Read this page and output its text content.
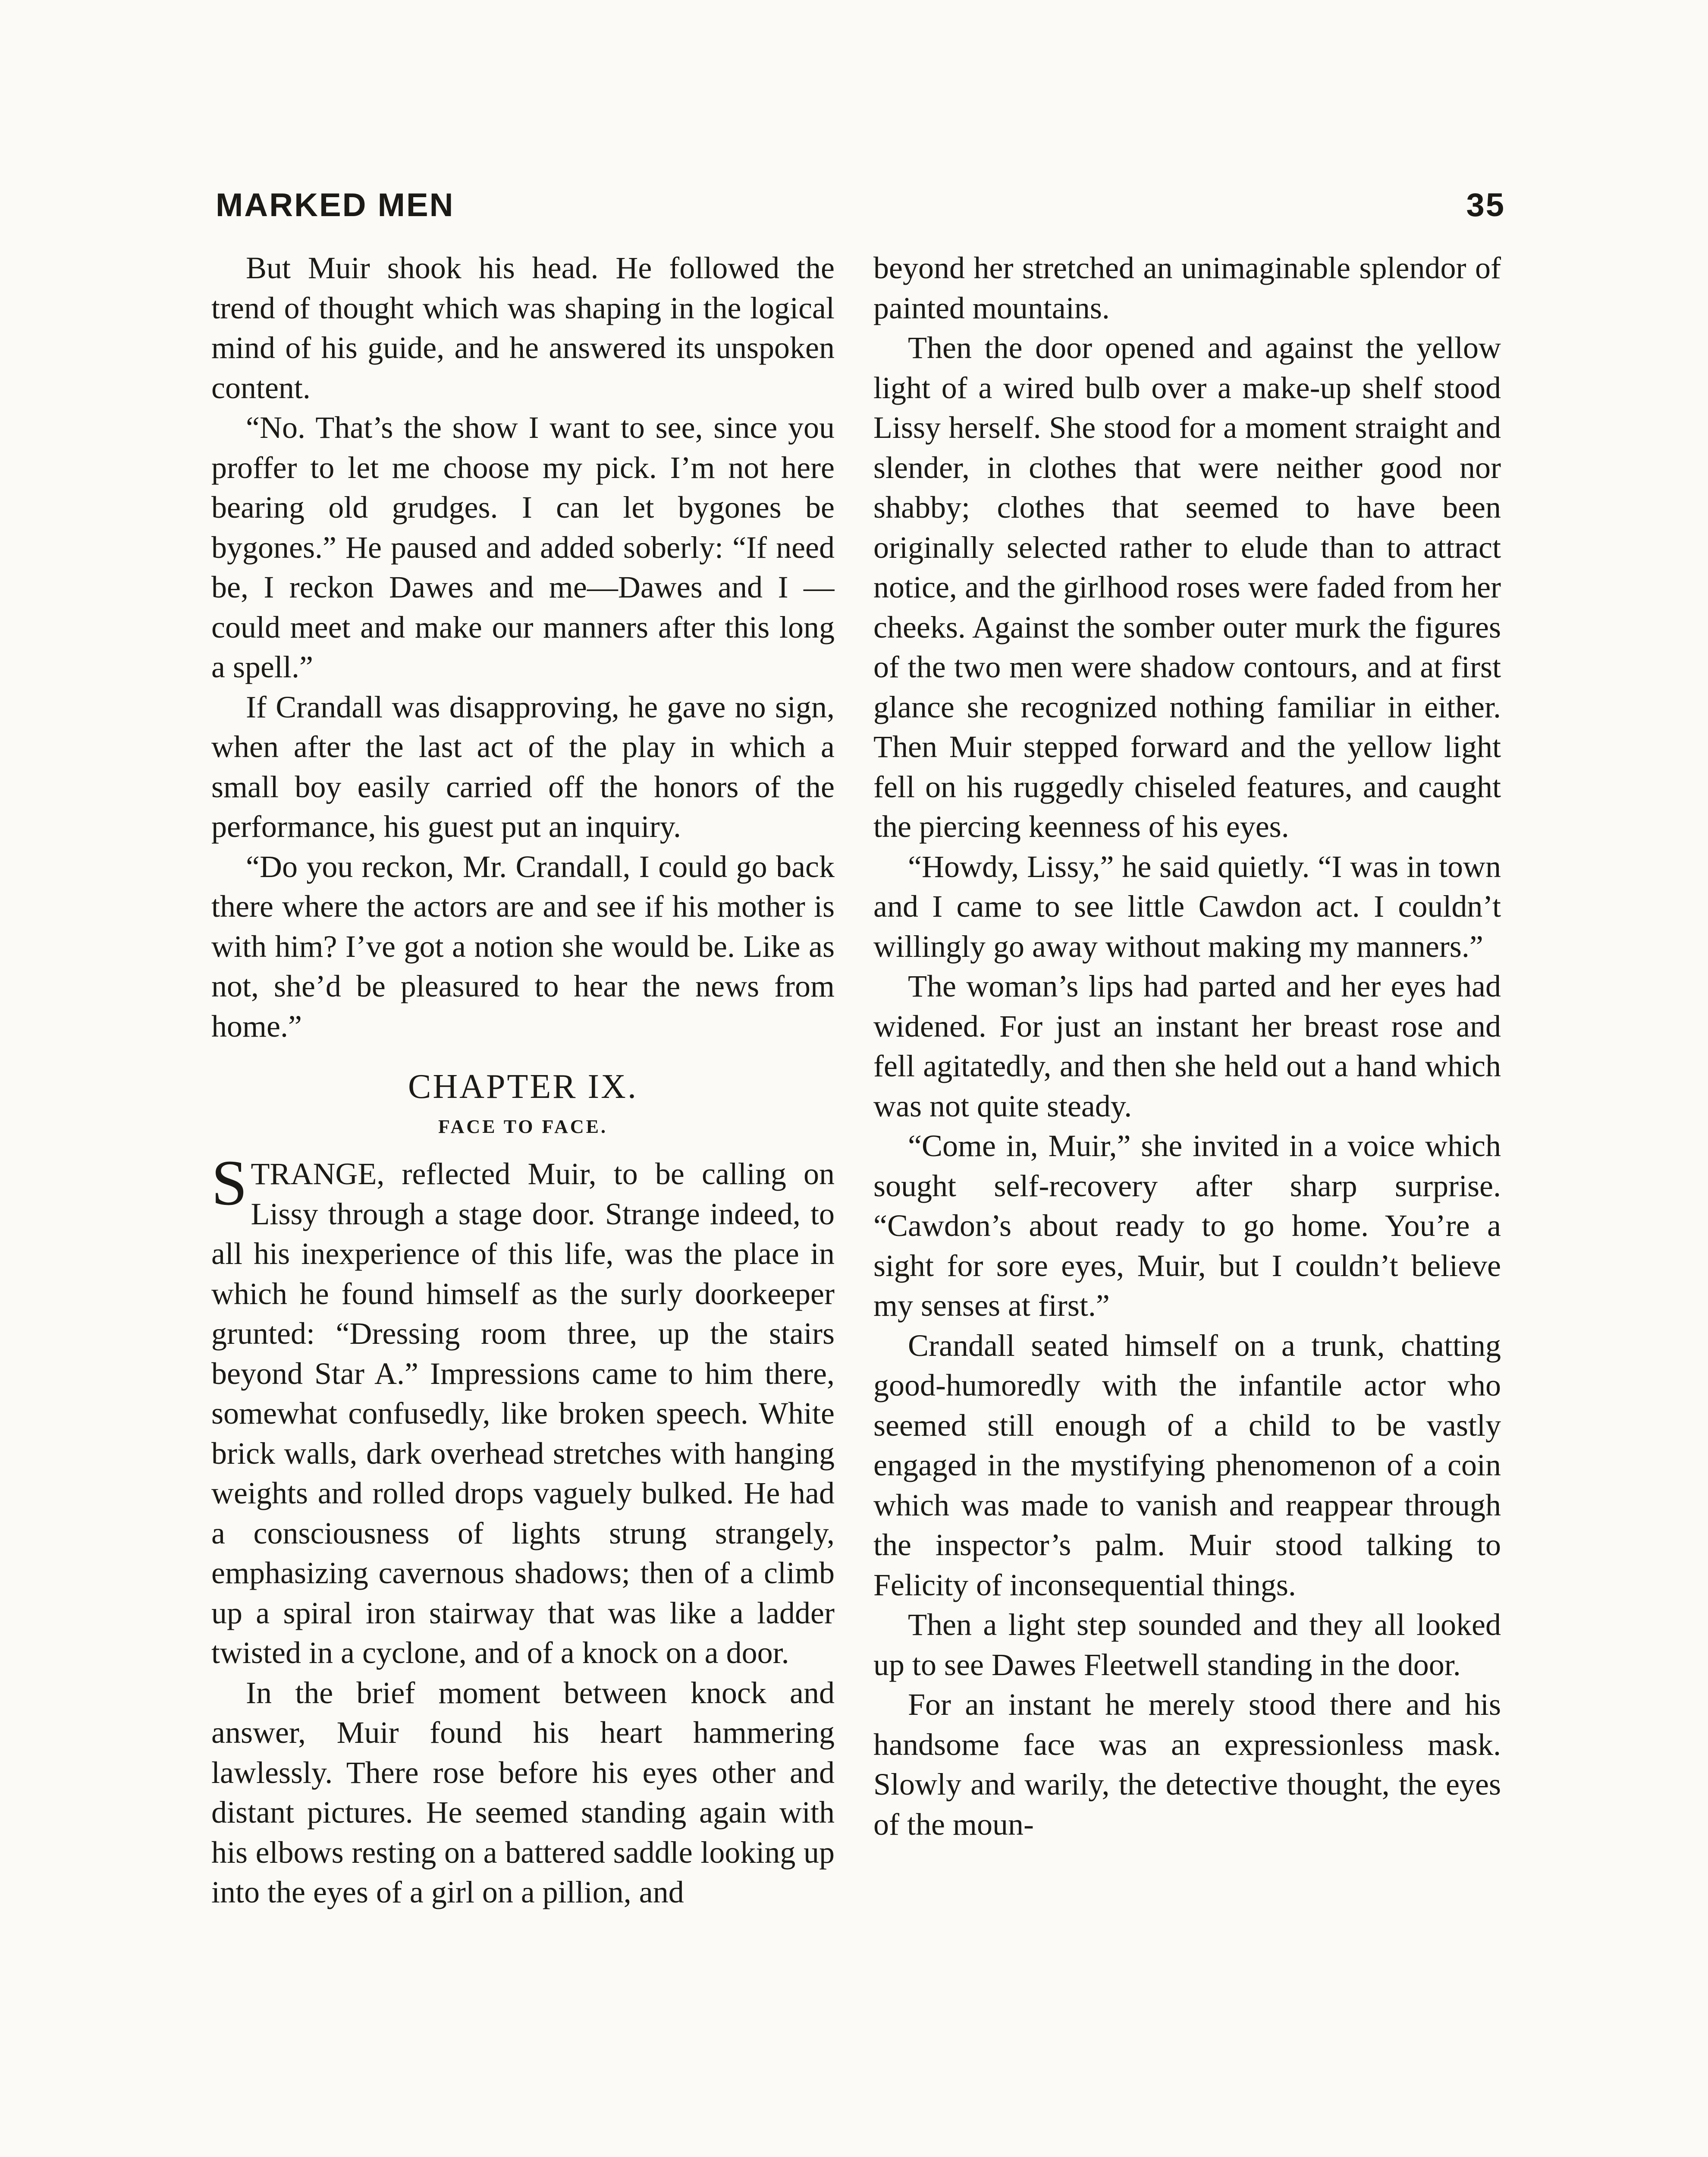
MARKED MEN	35

But Muir shook his head. He followed the trend of thought which was shaping in the logical mind of his guide, and he answered its unspoken content.

“No. That’s the show I want to see, since you proffer to let me choose my pick. I’m not here bearing old grudges. I can let bygones be bygones.” He paused and added soberly: “If need be, I reckon Dawes and me—Dawes and I —could meet and make our manners after this long a spell.”

If Crandall was disapproving, he gave no sign, when after the last act of the play in which a small boy easily carried off the honors of the performance, his guest put an inquiry.

“Do you reckon, Mr. Crandall, I could go back there where the actors are and see if his mother is with him? I’ve got a notion she would be. Like as not, she’d be pleasured to hear the news from home.”

CHAPTER IX.
FACE TO FACE.

STRANGE, reflected Muir, to be calling on Lissy through a stage door. Strange indeed, to all his inexperience of this life, was the place in which he found himself as the surly doorkeeper grunted: “Dressing room three, up the stairs beyond Star A.” Impressions came to him there, somewhat confusedly, like broken speech. White brick walls, dark overhead stretches with hanging weights and rolled drops vaguely bulked. He had a consciousness of lights strung strangely, emphasizing cavernous shadows; then of a climb up a spiral iron stairway that was like a ladder twisted in a cyclone, and of a knock on a door.

In the brief moment between knock and answer, Muir found his heart hammering lawlessly. There rose before his eyes other and distant pictures. He seemed standing again with his elbows resting on a battered saddle looking up into the eyes of a girl on a pillion, and

beyond her stretched an unimaginable splendor of painted mountains.

Then the door opened and against the yellow light of a wired bulb over a make-up shelf stood Lissy herself. She stood for a moment straight and slender, in clothes that were neither good nor shabby; clothes that seemed to have been originally selected rather to elude than to attract notice, and the girlhood roses were faded from her cheeks. Against the somber outer murk the figures of the two men were shadow contours, and at first glance she recognized nothing familiar in either. Then Muir stepped forward and the yellow light fell on his ruggedly chiseled features, and caught the piercing keenness of his eyes.

“Howdy, Lissy,” he said quietly. “I was in town and I came to see little Cawdon act. I couldn’t willingly go away without making my manners.”

The woman’s lips had parted and her eyes had widened. For just an instant her breast rose and fell agitatedly, and then she held out a hand which was not quite steady.

“Come in, Muir,” she invited in a voice which sought self-recovery after sharp surprise. “Cawdon’s about ready to go home. You’re a sight for sore eyes, Muir, but I couldn’t believe my senses at first.”

Crandall seated himself on a trunk, chatting good-humoredly with the infantile actor who seemed still enough of a child to be vastly engaged in the mystifying phenomenon of a coin which was made to vanish and reappear through the inspector’s palm. Muir stood talking to Felicity of inconsequential things.

Then a light step sounded and they all looked up to see Dawes Fleetwell standing in the door.

For an instant he merely stood there and his handsome face was an expressionless mask. Slowly and warily, the detective thought, the eyes of the moun-
